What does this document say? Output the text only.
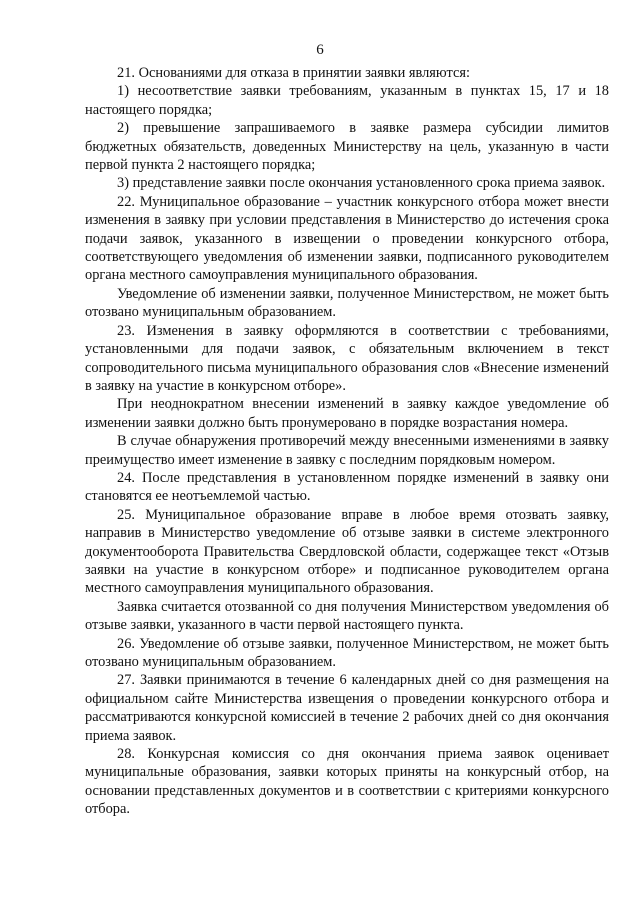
6

21. Основаниями для отказа в принятии заявки являются:

1) несоответствие заявки требованиям, указанным в пунктах 15, 17 и 18 настоящего порядка;

2) превышение запрашиваемого в заявке размера субсидии лимитов бюджетных обязательств, доведенных Министерству на цель, указанную в части первой пункта 2 настоящего порядка;

3) представление заявки после окончания установленного срока приема заявок.

22. Муниципальное образование – участник конкурсного отбора может внести изменения в заявку при условии представления в Министерство до истечения срока подачи заявок, указанного в извещении о проведении конкурсного отбора, соответствующего уведомления об изменении заявки, подписанного руководителем органа местного самоуправления муниципального образования.

Уведомление об изменении заявки, полученное Министерством, не может быть отозвано муниципальным образованием.

23. Изменения в заявку оформляются в соответствии с требованиями, установленными для подачи заявок, с обязательным включением в текст сопроводительного письма муниципального образования слов «Внесение изменений в заявку на участие в конкурсном отборе».

При неоднократном внесении изменений в заявку каждое уведомление об изменении заявки должно быть пронумеровано в порядке возрастания номера.

В случае обнаружения противоречий между внесенными изменениями в заявку преимущество имеет изменение в заявку с последним порядковым номером.

24. После представления в установленном порядке изменений в заявку они становятся ее неотъемлемой частью.

25. Муниципальное образование вправе в любое время отозвать заявку, направив в Министерство уведомление об отзыве заявки в системе электронного документооборота Правительства Свердловской области, содержащее текст «Отзыв заявки на участие в конкурсном отборе» и подписанное руководителем органа местного самоуправления муниципального образования.

Заявка считается отозванной со дня получения Министерством уведомления об отзыве заявки, указанного в части первой настоящего пункта.

26. Уведомление об отзыве заявки, полученное Министерством, не может быть отозвано муниципальным образованием.

27. Заявки принимаются в течение 6 календарных дней со дня размещения на официальном сайте Министерства извещения о проведении конкурсного отбора и рассматриваются конкурсной комиссией в течение 2 рабочих дней со дня окончания приема заявок.

28. Конкурсная комиссия со дня окончания приема заявок оценивает муниципальные образования, заявки которых приняты на конкурсный отбор, на основании представленных документов и в соответствии с критериями конкурсного отбора.
